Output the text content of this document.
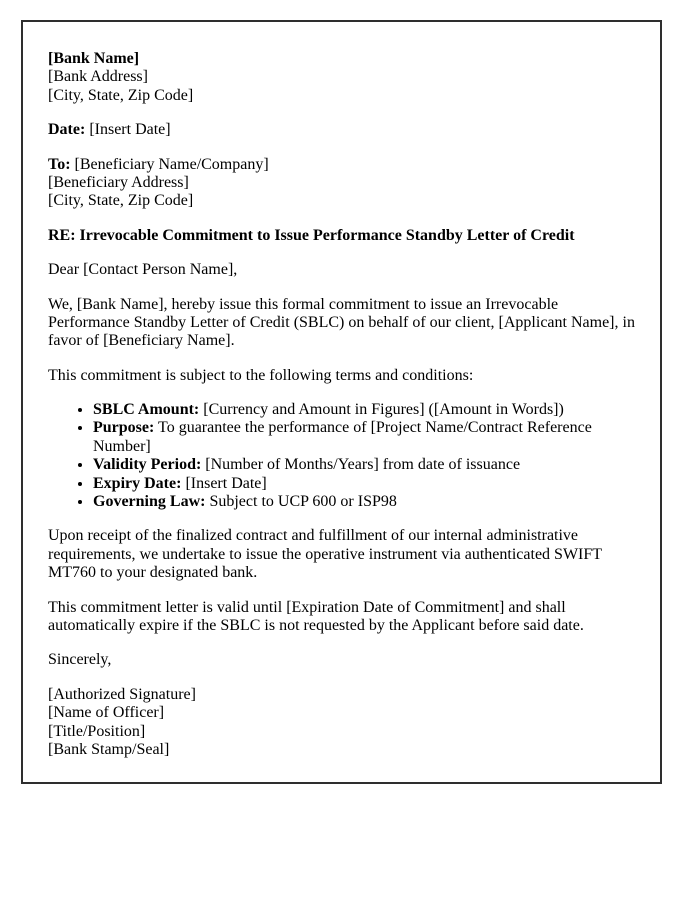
[Bank Name]
[Bank Address]
[City, State, Zip Code]

Date: [Insert Date]

To: [Beneficiary Name/Company]
[Beneficiary Address]
[City, State, Zip Code]

RE: Irrevocable Commitment to Issue Performance Standby Letter of Credit

Dear [Contact Person Name],

We, [Bank Name], hereby issue this formal commitment to issue an Irrevocable Performance Standby Letter of Credit (SBLC) on behalf of our client, [Applicant Name], in favor of [Beneficiary Name].

This commitment is subject to the following terms and conditions:

• SBLC Amount: [Currency and Amount in Figures] ([Amount in Words])
• Purpose: To guarantee the performance of [Project Name/Contract Reference Number]
• Validity Period: [Number of Months/Years] from date of issuance
• Expiry Date: [Insert Date]
• Governing Law: Subject to UCP 600 or ISP98

Upon receipt of the finalized contract and fulfillment of our internal administrative requirements, we undertake to issue the operative instrument via authenticated SWIFT MT760 to your designated bank.

This commitment letter is valid until [Expiration Date of Commitment] and shall automatically expire if the SBLC is not requested by the Applicant before said date.

Sincerely,

[Authorized Signature]
[Name of Officer]
[Title/Position]
[Bank Stamp/Seal]
